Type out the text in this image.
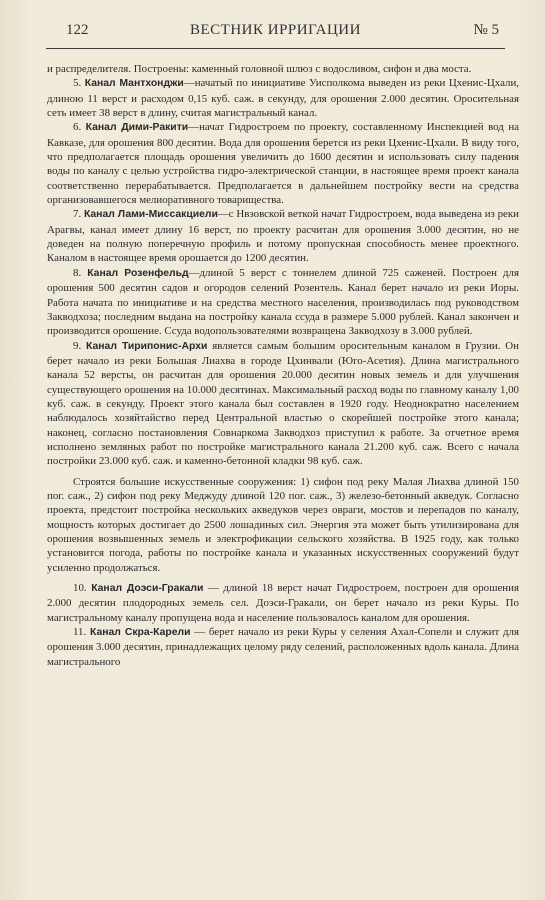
122	ВЕСТНИК ИРРИГАЦИИ	№ 5

и распределителя. Построены: каменный головной шлюз с водосливом, сифон и два моста.

5. Канал Мантхонджи—начатый по инициативе Уисполкома выведен из реки Цхенис-Цхали, длиною 11 верст и расходом 0,15 куб. саж. в секунду, для орошения 2.000 десятин. Оросительная сеть имеет 38 верст в длину, считая магистральный канал.

6. Канал Дими-Ракити—начат Гидростроем по проекту, составленному Инспекцией вод на Кавказе, для орошения 800 десятин. Вода для орошения берется из реки Цхенис-Цхали. В виду того, что предполагается площадь орошения увеличить до 1600 десятин и использовать силу падения воды по каналу с целью устройства гидро-электрической станции, в настоящее время проект канала соответственно перерабатывается. Предполагается в дальнейшем постройку вести на средства организовавшегося мелиоративного товарищества.

7. Канал Лами-Миссакциели—с Нвзовской веткой начат Гидростроем, вода выведена из реки Арагвы, канал имеет длину 16 верст, по проекту расчитан для орошения 3.000 десятин, но не доведен на полную поперечную профиль и потому пропускная способность менее проектного. Каналом в настоящее время орошается до 1200 десятин.

8. Канал Розенфельд—длиной 5 верст с тоннелем длиной 725 саженей. Построен для орошения 500 десятин садов и огородов селений Розентель. Канал берет начало из реки Иоры. Работа начата по инициативе и на средства местного населения, производилась под руководством Закводхоза; последним выдана на постройку канала ссуда в размере 5.000 рублей. Канал закончен и производится орошение. Ссуда водопользователями возвращена Закводхозу в 3.000 рублей.

9. Канал Тирипонис-Архи является самым большим оросительным каналом в Грузии. Он берет начало из реки Большая Лиахва в городе Цхинвали (Юго-Асетия). Длина магистрального канала 52 версты, он расчитан для орошения 20.000 десятин новых земель и для улучшения существующего орошения на 10.000 десятинах. Максимальный расход воды по главному каналу 1,00 куб. саж. в секунду. Проект этого канала был составлен в 1920 году. Неоднократно населением наблюдалось хозяйтайство перед Центральной властью о скорейшей постройке этого канала; наконец, согласно постановления Совнаркома Закводхоз приступил к работе. За отчетное время исполнено земляных работ по постройке магистрального канала 21.200 куб. саж. Всего с начала постройки 23.000 куб. саж. и каменно-бетонной кладки 98 куб. саж.

Строятся большие искусственные сооружения: 1) сифон под реку Малая Лиахва длиной 150 пог. саж., 2) сифон под реку Меджуду длиной 120 пог. саж., 3) железо-бетонный акведук. Согласно проекта, предстоит постройка нескольких акведуков через овраги, мостов и перепадов по каналу, мощность которых достигает до 2500 лошадиных сил. Энергия эта может быть утилизирована для орошения возвышенных земель и электрофикации сельского хозяйства. В 1925 году, как только установится погода, работы по постройке канала и указанных искусственных сооружений будут усиленно продолжаться.

10. Канал Доэси-Гракали — длиной 18 верст начат Гидростроем, построен для орошения 2.000 десятин плодородных земель сел. Доэси-Гракали, он берет начало из реки Куры. По магистральному каналу пропущена вода и население пользовалось каналом для орошения.

11. Канал Скра-Карели — берет начало из реки Куры у селения Ахал-Сопели и служит для орошения 3.000 десятин, принадлежащих целому ряду селений, расположенных вдоль канала. Длина магистрального
